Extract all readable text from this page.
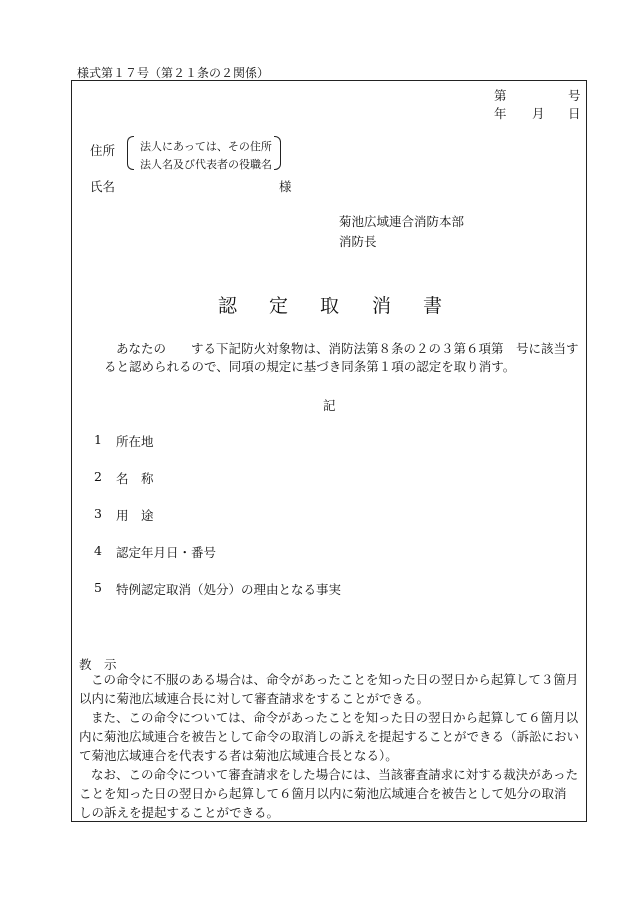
様式第１７号（第２１条の２関係）
第	号
年 月 日
住所 法人にあっては、その住所
法人名及び代表者の役職名
氏名	様
菊池広域連合消防本部
消防長
認 定 取 消 書
あなたの　　する下記防火対象物は、消防法第８条の２の３第６項第　号に該当す
ると認められるので、同項の規定に基づき同条第１項の認定を取り消す。
記
1 所在地
2 名　称
3 用　途
4 認定年月日・番号
5 特例認定取消（処分）の理由となる事実
教　示
この命令に不服のある場合は、命令があったことを知った日の翌日から起算して３箇月
以内に菊池広域連合長に対して審査請求をすることができる。
また、この命令については、命令があったことを知った日の翌日から起算して６箇月以
内に菊池広域連合を被告として命令の取消しの訴えを提起することができる（訴訟におい
て菊池広域連合を代表する者は菊池広域連合長となる）。
なお、この命令について審査請求をした場合には、当該審査請求に対する裁決があった
ことを知った日の翌日から起算して６箇月以内に菊池広域連合を被告として処分の取消
しの訴えを提起することができる。
